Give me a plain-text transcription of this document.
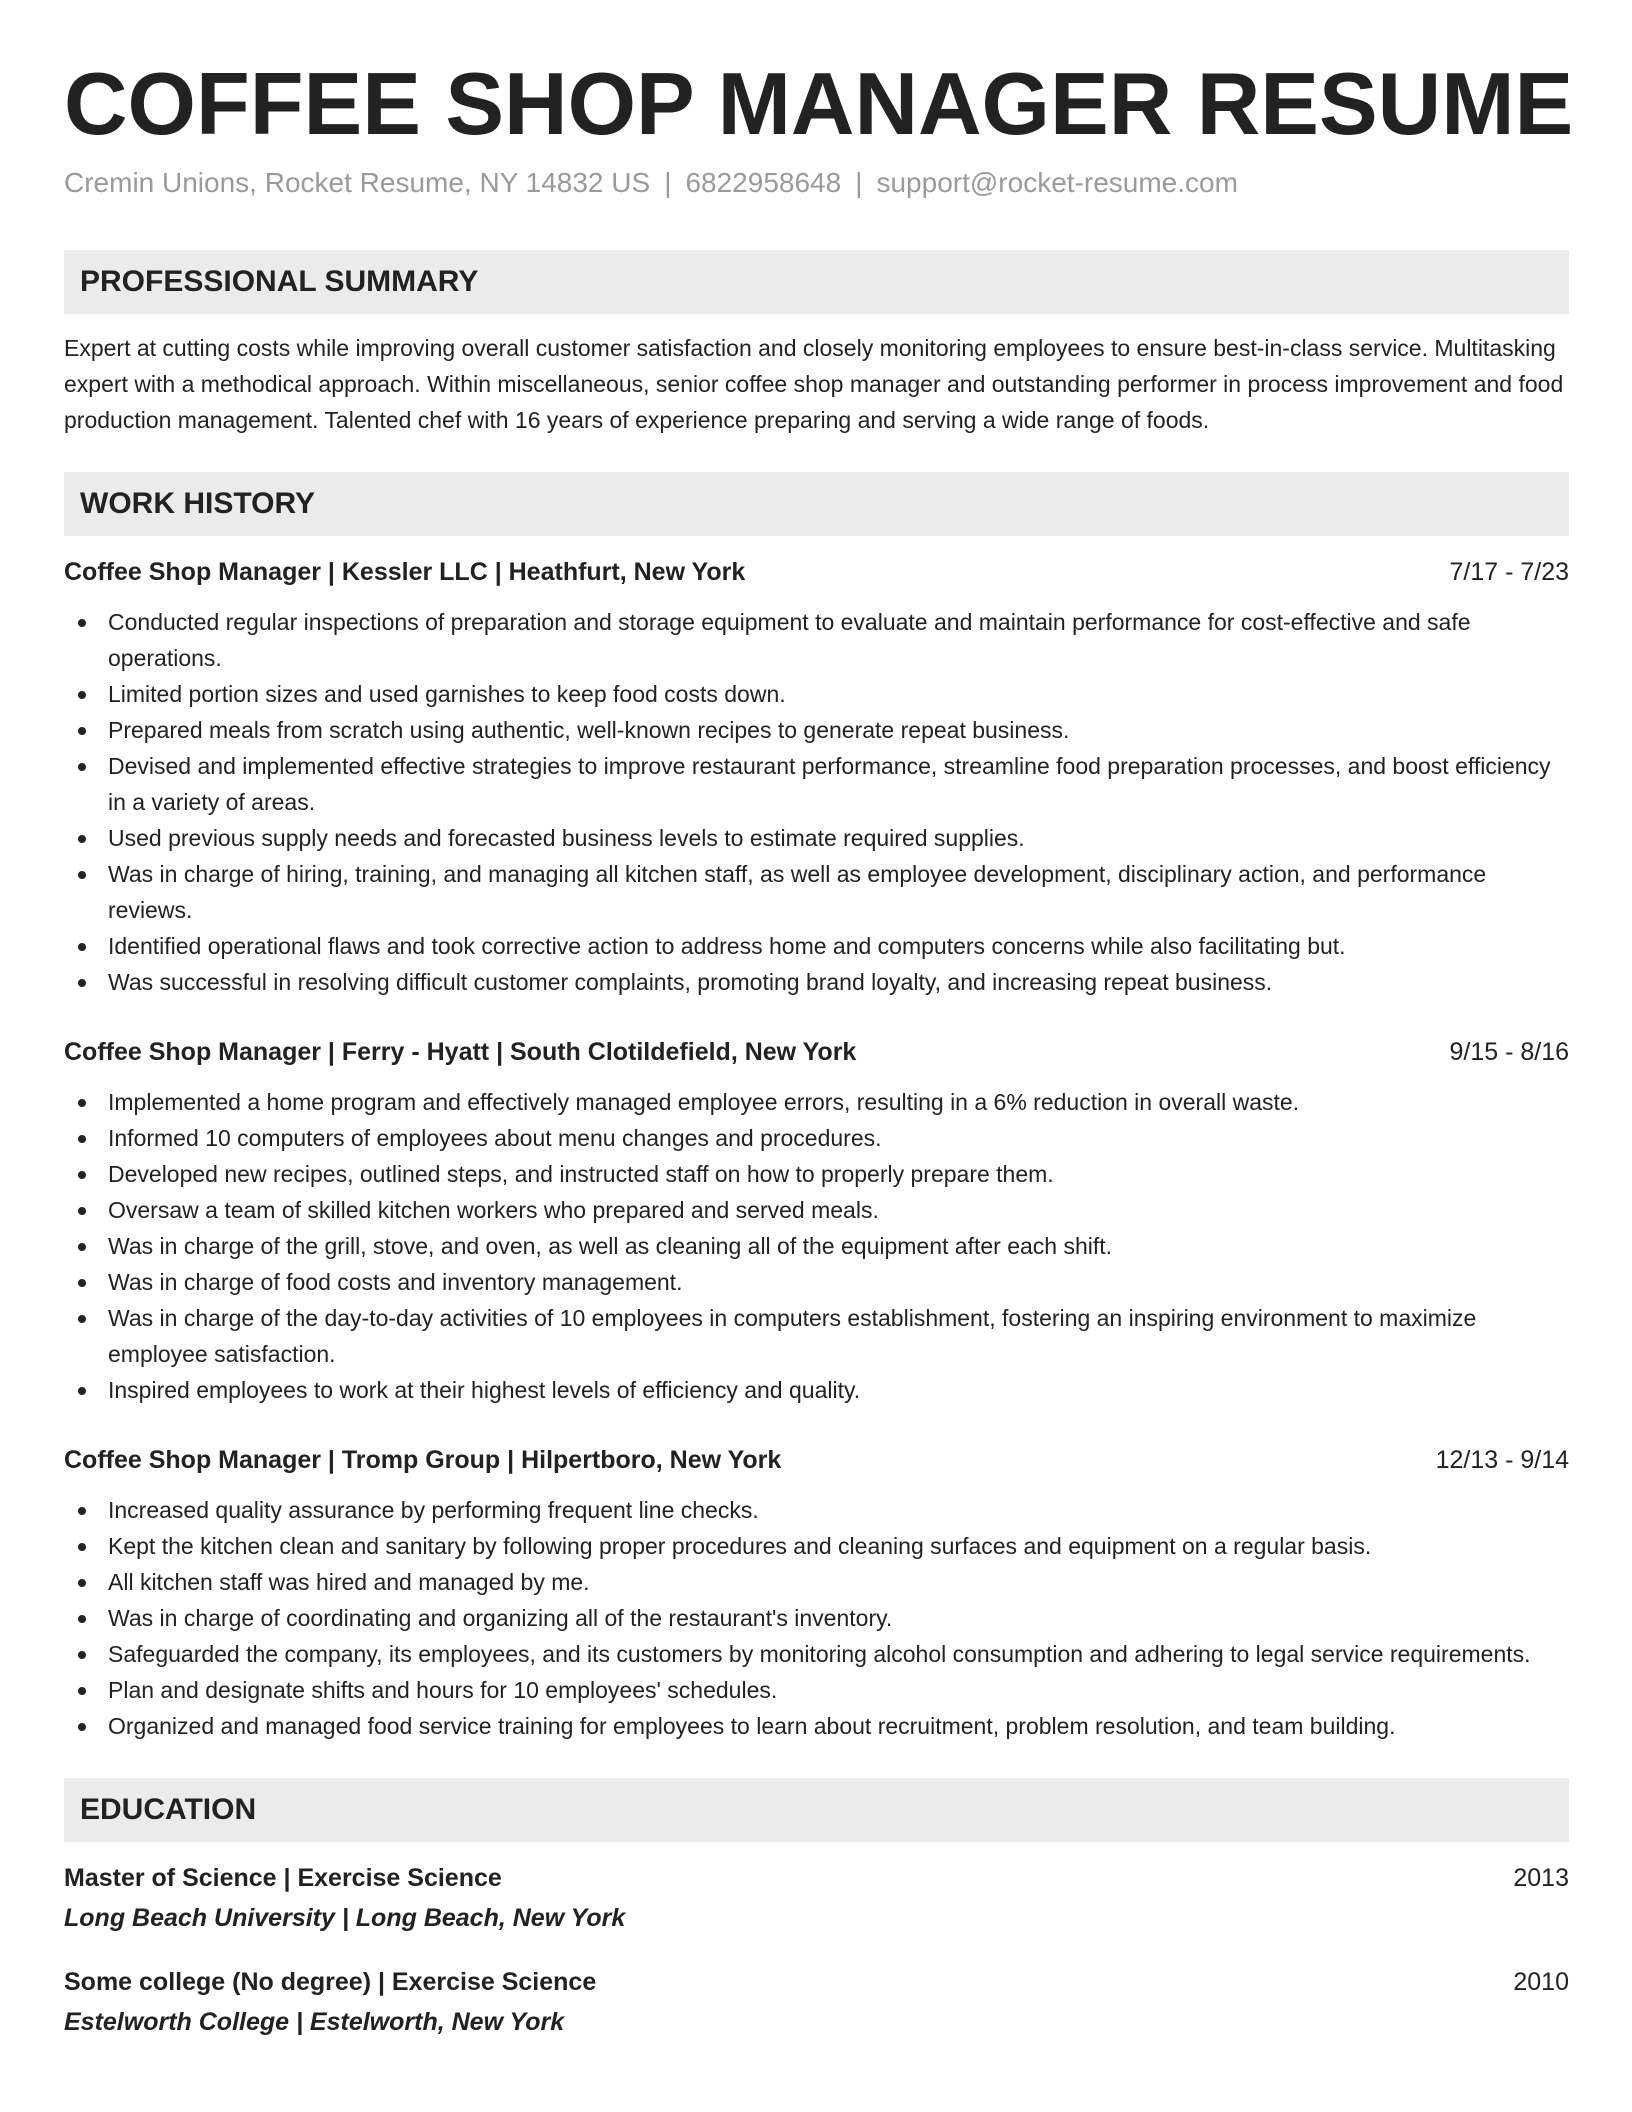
COFFEE SHOP MANAGER RESUME
Cremin Unions, Rocket Resume, NY 14832 US | 6822958648 | support@rocket-resume.com
PROFESSIONAL SUMMARY
Expert at cutting costs while improving overall customer satisfaction and closely monitoring employees to ensure best-in-class service. Multitasking expert with a methodical approach. Within miscellaneous, senior coffee shop manager and outstanding performer in process improvement and food production management. Talented chef with 16 years of experience preparing and serving a wide range of foods.
WORK HISTORY
Coffee Shop Manager | Kessler LLC | Heathfurt, New York	7/17 - 7/23
Conducted regular inspections of preparation and storage equipment to evaluate and maintain performance for cost-effective and safe operations.
Limited portion sizes and used garnishes to keep food costs down.
Prepared meals from scratch using authentic, well-known recipes to generate repeat business.
Devised and implemented effective strategies to improve restaurant performance, streamline food preparation processes, and boost efficiency in a variety of areas.
Used previous supply needs and forecasted business levels to estimate required supplies.
Was in charge of hiring, training, and managing all kitchen staff, as well as employee development, disciplinary action, and performance reviews.
Identified operational flaws and took corrective action to address home and computers concerns while also facilitating but.
Was successful in resolving difficult customer complaints, promoting brand loyalty, and increasing repeat business.
Coffee Shop Manager | Ferry - Hyatt | South Clotildefield, New York	9/15 - 8/16
Implemented a home program and effectively managed employee errors, resulting in a 6% reduction in overall waste.
Informed 10 computers of employees about menu changes and procedures.
Developed new recipes, outlined steps, and instructed staff on how to properly prepare them.
Oversaw a team of skilled kitchen workers who prepared and served meals.
Was in charge of the grill, stove, and oven, as well as cleaning all of the equipment after each shift.
Was in charge of food costs and inventory management.
Was in charge of the day-to-day activities of 10 employees in computers establishment, fostering an inspiring environment to maximize employee satisfaction.
Inspired employees to work at their highest levels of efficiency and quality.
Coffee Shop Manager | Tromp Group | Hilpertboro, New York	12/13 - 9/14
Increased quality assurance by performing frequent line checks.
Kept the kitchen clean and sanitary by following proper procedures and cleaning surfaces and equipment on a regular basis.
All kitchen staff was hired and managed by me.
Was in charge of coordinating and organizing all of the restaurant's inventory.
Safeguarded the company, its employees, and its customers by monitoring alcohol consumption and adhering to legal service requirements.
Plan and designate shifts and hours for 10 employees' schedules.
Organized and managed food service training for employees to learn about recruitment, problem resolution, and team building.
EDUCATION
Master of Science | Exercise Science	2013
Long Beach University | Long Beach, New York
Some college (No degree) | Exercise Science	2010
Estelworth College | Estelworth, New York
